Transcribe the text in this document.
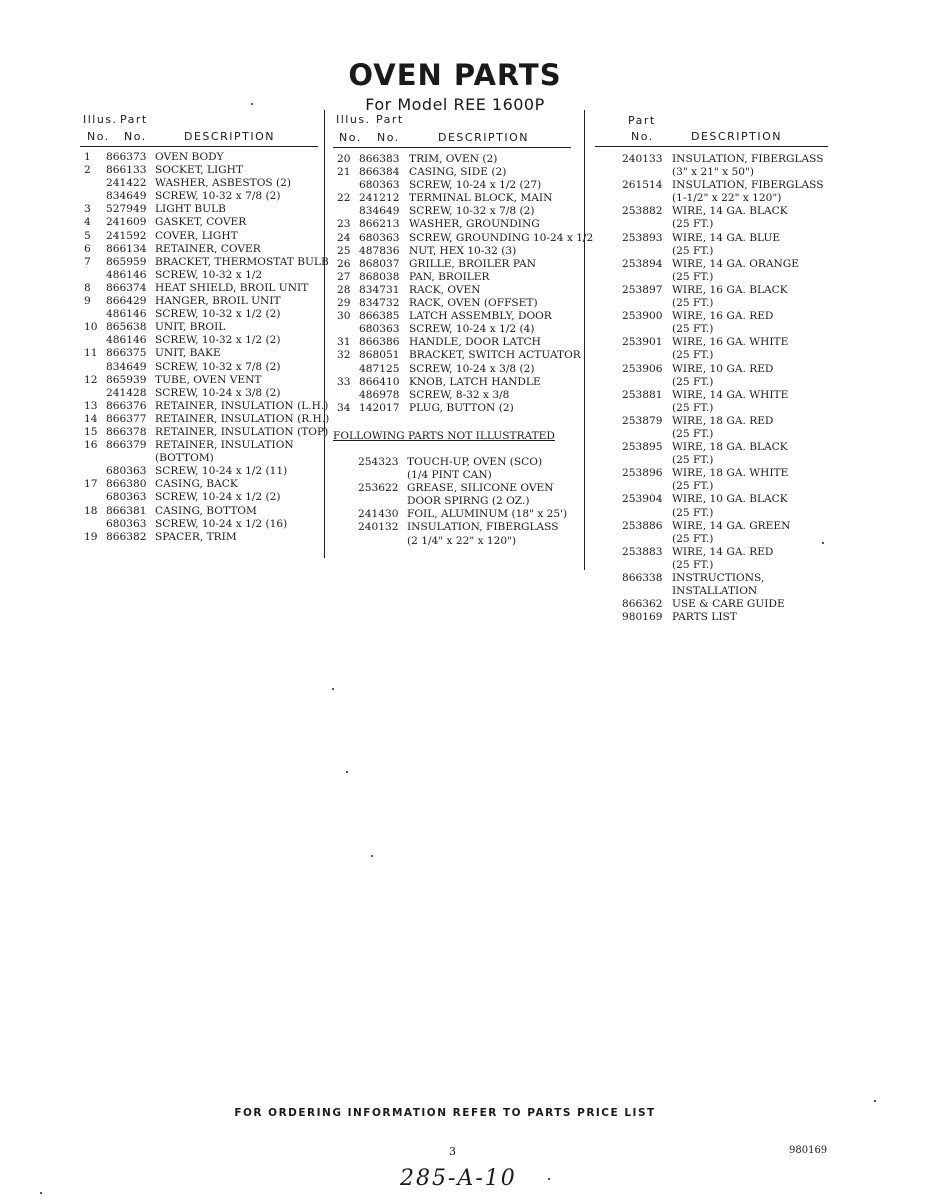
OVEN PARTS
For Model REE 1600P
Illus. Part
No. No.	DESCRIPTION
Illus. Part
No. No.	DESCRIPTION
Part
No.	DESCRIPTION
1 866373 OVEN BODY
2 866133 SOCKET, LIGHT
241422 WASHER, ASBESTOS (2)
834649 SCREW, 10-32 x 7/8 (2)
3 527949 LIGHT BULB
4 241609 GASKET, COVER
5 241592 COVER, LIGHT
6 866134 RETAINER, COVER
7 865959 BRACKET, THERMOSTAT BULB
486146 SCREW, 10-32 x 1/2
8 866374 HEAT SHIELD, BROIL UNIT
9 866429 HANGER, BROIL UNIT
486146 SCREW, 10-32 x 1/2 (2)
10 865638 UNIT, BROIL
486146 SCREW, 10-32 x 1/2 (2)
11 866375 UNIT, BAKE
834649 SCREW, 10-32 x 7/8 (2)
12 865939 TUBE, OVEN VENT
241428 SCREW, 10-24 x 3/8 (2)
13 866376 RETAINER, INSULATION (L.H.)
14 866377 RETAINER, INSULATION (R.H.)
15 866378 RETAINER, INSULATION (TOP)
16 866379 RETAINER, INSULATION
(BOTTOM)
680363 SCREW, 10-24 x 1/2 (11)
17 866380 CASING, BACK
680363 SCREW, 10-24 x 1/2 (2)
18 866381 CASING, BOTTOM
680363 SCREW, 10-24 x 1/2 (16)
19 866382 SPACER, TRIM
20 866383 TRIM, OVEN (2)
21 866384 CASING, SIDE (2)
680363 SCREW, 10-24 x 1/2 (27)
22 241212 TERMINAL BLOCK, MAIN
834649 SCREW, 10-32 x 7/8 (2)
23 866213 WASHER, GROUNDING
24 680363 SCREW, GROUNDING 10-24 x 1/2
25 487836 NUT, HEX 10-32 (3)
26 868037 GRILLE, BROILER PAN
27 868038 PAN, BROILER
28 834731 RACK, OVEN
29 834732 RACK, OVEN (OFFSET)
30 866385 LATCH ASSEMBLY, DOOR
680363 SCREW, 10-24 x 1/2 (4)
31 866386 HANDLE, DOOR LATCH
32 868051 BRACKET, SWITCH ACTUATOR
487125 SCREW, 10-24 x 3/8 (2)
33 866410 KNOB, LATCH HANDLE
486978 SCREW, 8-32 x 3/8
34 142017 PLUG, BUTTON (2)
FOLLOWING PARTS NOT ILLUSTRATED
254323 TOUCH-UP, OVEN (SCO)
(1/4 PINT CAN)
253622 GREASE, SILICONE OVEN
DOOR SPIRNG (2 OZ.)
241430 FOIL, ALUMINUM (18" x 25')
240132 INSULATION, FIBERGLASS
(2 1/4" x 22" x 120")
240133 INSULATION, FIBERGLASS
(3" x 21" x 50")
261514 INSULATION, FIBERGLASS
(1-1/2" x 22" x 120")
253882 WIRE, 14 GA. BLACK
(25 FT.)
253893 WIRE, 14 GA. BLUE
(25 FT.)
253894 WIRE, 14 GA. ORANGE
(25 FT.)
253897 WIRE, 16 GA. BLACK
(25 FT.)
253900 WIRE, 16 GA. RED
(25 FT.)
253901 WIRE, 16 GA. WHITE
(25 FT.)
253906 WIRE, 10 GA. RED
(25 FT.)
253881 WIRE, 14 GA. WHITE
(25 FT.)
253879 WIRE, 18 GA. RED
(25 FT.)
253895 WIRE, 18 GA. BLACK
(25 FT.)
253896 WIRE, 18 GA. WHITE
(25 FT.)
253904 WIRE, 10 GA. BLACK
(25 FT.)
253886 WIRE, 14 GA. GREEN
(25 FT.)
253883 WIRE, 14 GA. RED
(25 FT.)
866338 INSTRUCTIONS,
INSTALLATION
866362 USE & CARE GUIDE
980169 PARTS LIST
FOR ORDERING INFORMATION REFER TO PARTS PRICE LIST
3	980169
285-A-10
